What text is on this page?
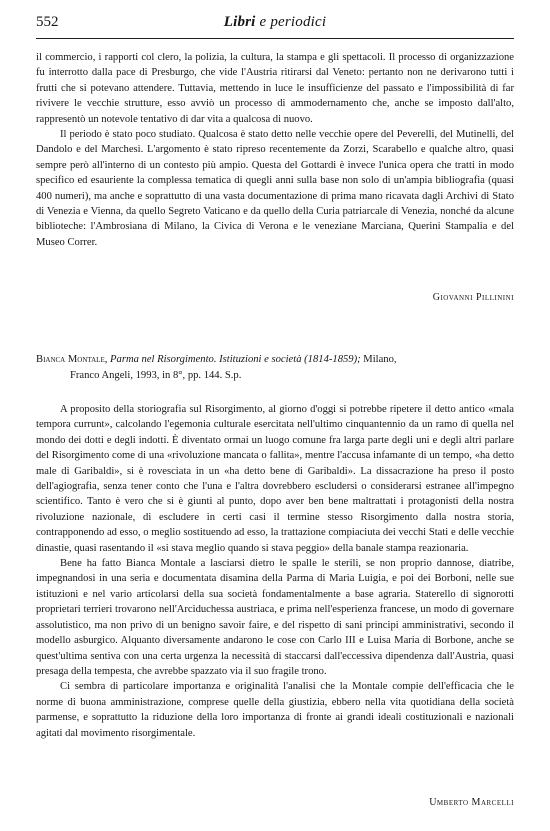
552	Libri e periodici

il commercio, i rapporti col clero, la polizia, la cultura, la stampa e gli spettacoli. Il processo di organizzazione fu interrotto dalla pace di Presburgo, che vide l'Austria ritirarsi dal Veneto: pertanto non ne derivarono tutti i frutti che si potevano attendere. Tuttavia, mettendo in luce le insufficienze del passato e l'impossibilità di far rivivere le vecchie strutture, esso avviò un processo di ammodernamento che, anche se imposto dall'alto, rappresentò un notevole tentativo di dar vita a qualcosa di nuovo.

Il periodo è stato poco studiato. Qualcosa è stato detto nelle vecchie opere del Peverelli, del Mutinelli, del Dandolo e del Marchesi. L'argomento è stato ripreso recentemente da Zorzi, Scarabello e qualche altro, quasi sempre però all'interno di un contesto più ampio. Questa del Gottardi è invece l'unica opera che tratti in modo specifico ed esauriente la complessa tematica di quegli anni sulla base non solo di un'ampia bibliografia (quasi 400 numeri), ma anche e soprattutto di una vasta documentazione di prima mano ricavata dagli Archivi di Stato di Venezia e Vienna, da quello Segreto Vaticano e da quello della Curia patriarcale di Venezia, nonché da alcune biblioteche: l'Ambrosiana di Milano, la Civica di Verona e le veneziane Marciana, Querini Stampalia e del Museo Correr.

Giovanni Pillinini
Bianca Montale, Parma nel Risorgimento. Istituzioni e società (1814-1859); Milano,
Franco Angeli, 1993, in 8°, pp. 144. S.p.

A proposito della storiografia sul Risorgimento, al giorno d'oggi si potrebbe ripetere il detto antico «mala tempora currunt», calcolando l'egemonia culturale esercitata nell'ultimo cinquantennio da un ramo di quella nel mondo dei dotti e degli indotti. È diventato ormai un luogo comune fra larga parte degli uni e degli altri parlare del Risorgimento come di una «rivoluzione mancata o fallita», mentre l'accusa infamante di un tempo, «ha detto male di Garibaldi», si è rovesciata in un «ha detto bene di Garibaldi». La dissacrazione ha preso il posto dell'agiografia, senza tener conto che l'una e l'altra dovrebbero escludersi o considerarsi estranee all'impegno scientifico. Tanto è vero che si è giunti al punto, dopo aver ben bene maltrattati i protagonisti della nostra rivoluzione nazionale, di escludere in certi casi il termine stesso Risorgimento dalla nostra storia, contrapponendo ad esso, o meglio sostituendo ad esso, la trattazione compiaciuta dei vecchi Stati e delle vecchie dinastie, quasi rasentando il «si stava meglio quando si stava peggio» della banale stampa reazionaria.

Bene ha fatto Bianca Montale a lasciarsi dietro le spalle le sterili, se non proprio dannose, diatribe, impegnandosi in una seria e documentata disamina della Parma di Maria Luigia, e poi dei Borboni, nelle sue istituzioni e nel vario articolarsi della sua società fondamentalmente a base agraria. Staterello di signorotti proprietari terrieri trovarono nell'Arciduchessa austriaca, e prima nell'esperienza francese, un modo di governare assolutistico, ma non privo di un benigno savoir faire, e del rispetto di sani principi amministrativi, secondo il modello asburgico. Alquanto diversamente andarono le cose con Carlo III e Luisa Maria di Borbone, anche se quest'ultima sentiva con una certa urgenza la necessità di staccarsi dall'eccessiva dipendenza dall'Austria, quasi presaga della tempesta, che avrebbe spazzato via il suo fragile trono.

Ci sembra di particolare importanza e originalità l'analisi che la Montale compie dell'efficacia che le norme di buona amministrazione, comprese quelle della giustizia, ebbero nella vita quotidiana della società parmense, e soprattutto la riduzione della loro importanza di fronte ai grandi ideali costituzionali e nazionali agitati dal movimento risorgimentale.

Umberto Marcelli
